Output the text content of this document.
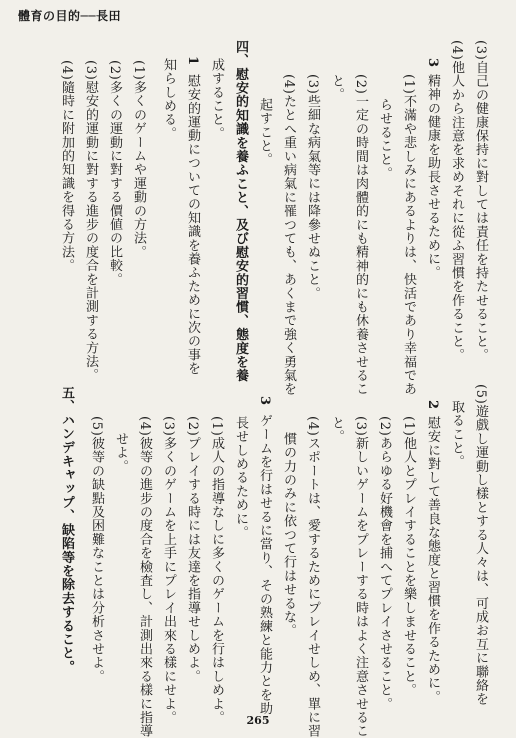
體育の目的──長田
(3)自己の健康保持に對しては責任を持たせること。
(4)他人から注意を求めそれに從ふ習慣を作ること。
3
精神の健康を助長させるために。
(1)不滿や悲しみにあるよりは、快活であり幸福であ
らせること。
(2)一定の時間は肉體的にも精神的にも休養させるこ
と。
(3)些細な病氣等には降參せぬこと。
(4)たとへ重い病氣に罹つても、あくまで強く勇氣を
起すこと。
四、慰安的知識を養ふこと、及び慰安的習慣、態度を養
成すること。
1
慰安的運動についての知識を養ふために次の事を
知らしめる。
(1)多くのゲームや運動の方法。
(2)多くの運動に對する價値の比較。
(3)慰安的運動に對する進步の度合を計測する方法。
(4)隨時に附加的知識を得る方法。
(5)遊戲し運動し樣とする人々は、可成お互に聯絡を
取ること。
2
慰安に對して善良な態度と習慣を作るために。
(1)他人とプレイすることを樂しませること。
(2)あらゆる好機會を捕へてプレイさせること。
(3)新しいゲームをプレーする時はよく注意させるこ
と。
(4)スポートは、愛するためにプレイせしめ、單に習
慣の力のみに依つて行はせるな。
3
ゲームを行はせるに當り、その熟練と能力とを助
長せしめるために。
(1)成人の指導なしに多くのゲームを行はしめよ。
(2)プレイする時には友達を指導せしめよ。
(3)多くのゲームを上手にプレイ出來る樣にせよ。
(4)彼等の進步の度合を檢査し、計測出來る樣に指導
せよ。
(5)彼等の缺點及困難なことは分析させよ。
五、ハンデキャップ、缺陷等を除去すること。
265
